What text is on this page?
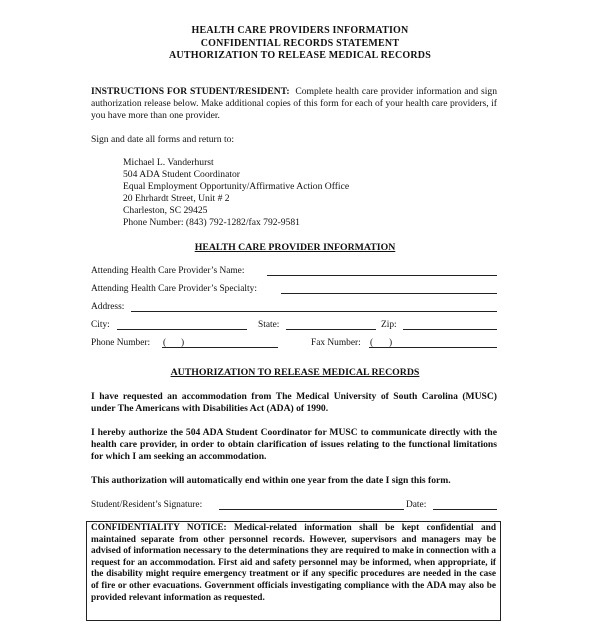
HEALTH CARE PROVIDERS INFORMATION
CONFIDENTIAL RECORDS STATEMENT
AUTHORIZATION TO RELEASE MEDICAL RECORDS
INSTRUCTIONS FOR STUDENT/RESIDENT: Complete health care provider information and sign authorization release below. Make additional copies of this form for each of your health care providers, if you have more than one provider.
Sign and date all forms and return to:
Michael L. Vanderhurst
504 ADA Student Coordinator
Equal Employment Opportunity/Affirmative Action Office
20 Ehrhardt Street, Unit # 2
Charleston, SC 29425
Phone Number: (843) 792-1282/fax 792-9581
HEALTH CARE PROVIDER INFORMATION
Attending Health Care Provider’s Name:
Attending Health Care Provider’s Specialty:
Address:
City:	State:	Zip:
Phone Number: ( )	Fax Number: ( )
AUTHORIZATION TO RELEASE MEDICAL RECORDS
I have requested an accommodation from The Medical University of South Carolina (MUSC) under The Americans with Disabilities Act (ADA) of 1990.
I hereby authorize the 504 ADA Student Coordinator for MUSC to communicate directly with the health care provider, in order to obtain clarification of issues relating to the functional limitations for which I am seeking an accommodation.
This authorization will automatically end within one year from the date I sign this form.
Student/Resident’s Signature:	Date:
CONFIDENTIALITY NOTICE: Medical-related information shall be kept confidential and maintained separate from other personnel records. However, supervisors and managers may be advised of information necessary to the determinations they are required to make in connection with a request for an accommodation. First aid and safety personnel may be informed, when appropriate, if the disability might require emergency treatment or if any specific procedures are needed in the case of fire or other evacuations. Government officials investigating compliance with the ADA may also be provided relevant information as requested.
